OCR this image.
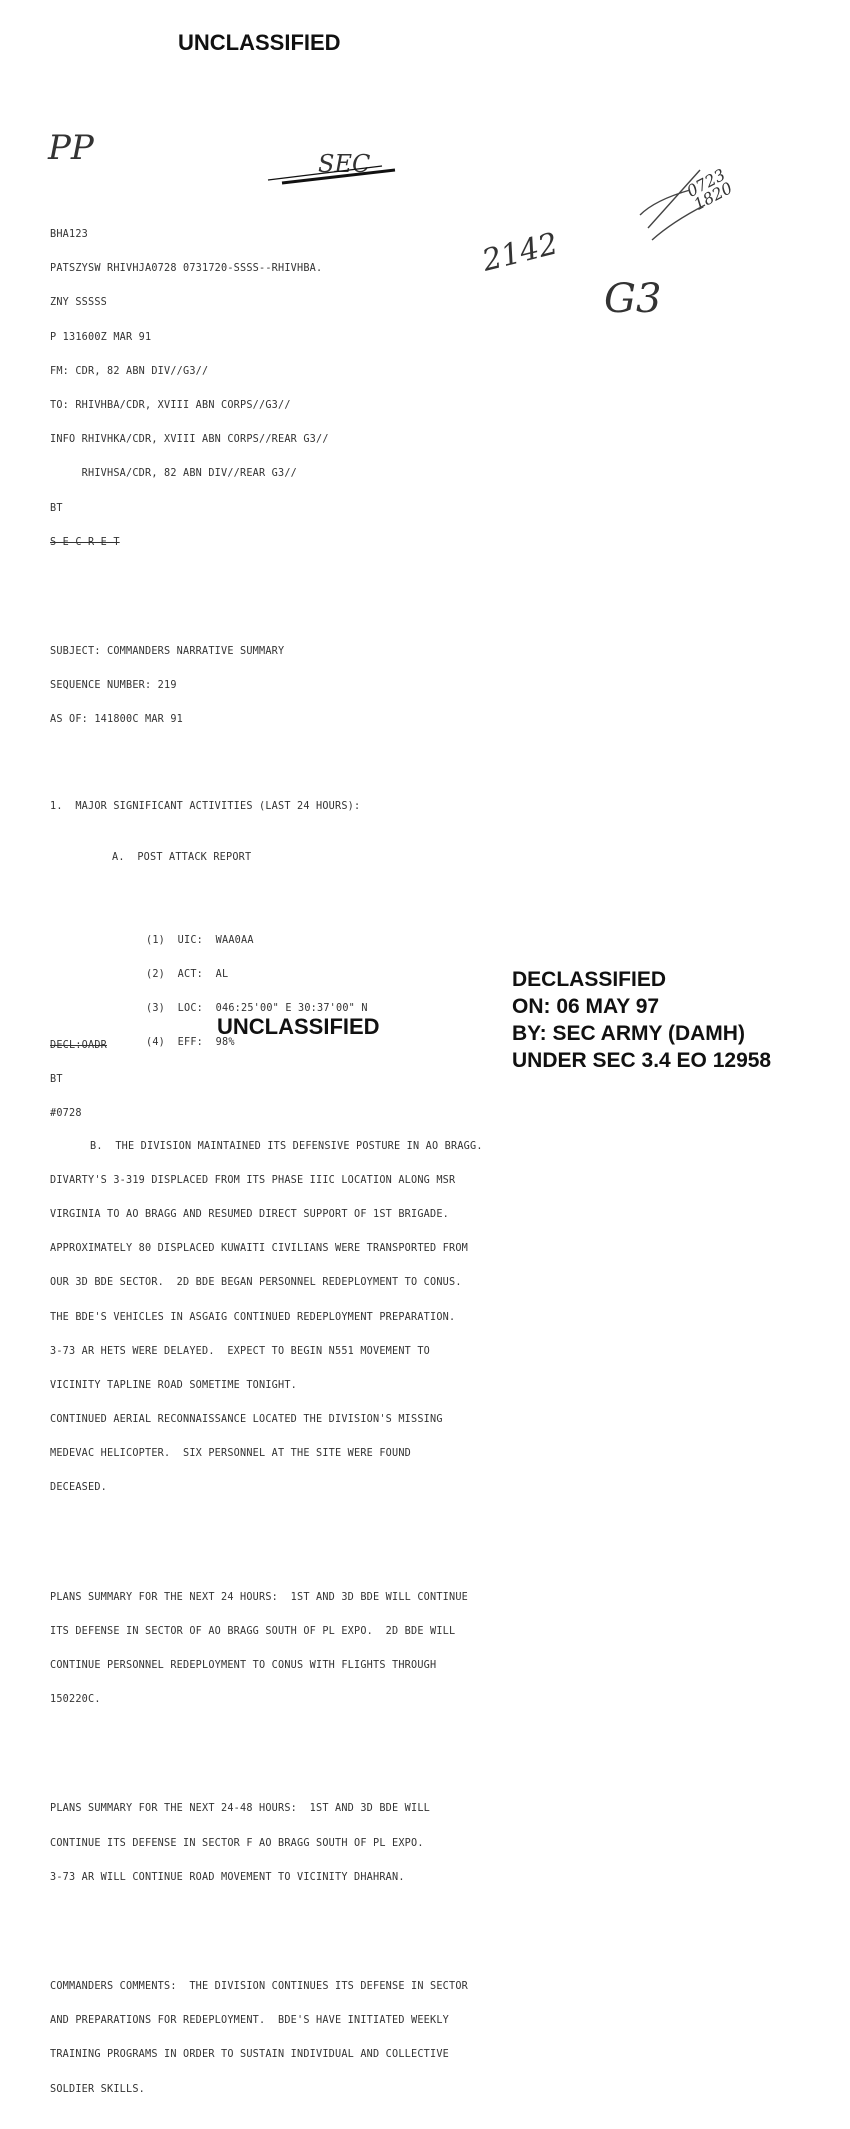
UNCLASSIFIED
UNCLASSIFIED
DECLASSIFIED
ON: 06 MAY 97
BY: SEC ARMY (DAMH)
UNDER SEC 3.4 EO 12958
PP	SEC
2142
G3
0723 1820

BHA123

PATSZYSW RHIVHJA0728 0731720-SSSS--RHIVHBA.

ZNY SSSSS

P 131600Z MAR 91

FM: CDR, 82 ABN DIV//G3//

TO: RHIVHBA/CDR, XVIII ABN CORPS//G3//

INFO RHIVHKA/CDR, XVIII ABN CORPS//REAR G3//

RHIVHSA/CDR, 82 ABN DIV//REAR G3//

BT

S E C R E T

SUBJECT: COMMANDERS NARRATIVE SUMMARY

SEQUENCE NUMBER: 219

AS OF: 141800C MAR 91

1.  MAJOR SIGNIFICANT ACTIVITIES (LAST 24 HOURS):

A.  POST ATTACK REPORT

(1)  UIC:  WAA0AA

(2)  ACT:  AL

(3)  LOC:  046:25'00" E 30:37'00" N

(4)  EFF:  98%

B.  THE DIVISION MAINTAINED ITS DEFENSIVE POSTURE IN AO BRAGG.

DIVARTY'S 3-319 DISPLACED FROM ITS PHASE IIIC LOCATION ALONG MSR

VIRGINIA TO AO BRAGG AND RESUMED DIRECT SUPPORT OF 1ST BRIGADE.

APPROXIMATELY 80 DISPLACED KUWAITI CIVILIANS WERE TRANSPORTED FROM

OUR 3D BDE SECTOR.  2D BDE BEGAN PERSONNEL REDEPLOYMENT TO CONUS.

THE BDE'S VEHICLES IN ASGAIG CONTINUED REDEPLOYMENT PREPARATION.

3-73 AR HETS WERE DELAYED.  EXPECT TO BEGIN N551 MOVEMENT TO

VICINITY TAPLINE ROAD SOMETIME TONIGHT.

CONTINUED AERIAL RECONNAISSANCE LOCATED THE DIVISION'S MISSING

MEDEVAC HELICOPTER.  SIX PERSONNEL AT THE SITE WERE FOUND

DECEASED.

PLANS SUMMARY FOR THE NEXT 24 HOURS:  1ST AND 3D BDE WILL CONTINUE

ITS DEFENSE IN SECTOR OF AO BRAGG SOUTH OF PL EXPO.  2D BDE WILL

CONTINUE PERSONNEL REDEPLOYMENT TO CONUS WITH FLIGHTS THROUGH

150220C.

PLANS SUMMARY FOR THE NEXT 24-48 HOURS:  1ST AND 3D BDE WILL

CONTINUE ITS DEFENSE IN SECTOR F AO BRAGG SOUTH OF PL EXPO.

3-73 AR WILL CONTINUE ROAD MOVEMENT TO VICINITY DHAHRAN.

COMMANDERS COMMENTS:  THE DIVISION CONTINUES ITS DEFENSE IN SECTOR

AND PREPARATIONS FOR REDEPLOYMENT.  BDE'S HAVE INITIATED WEEKLY

TRAINING PROGRAMS IN ORDER TO SUSTAIN INDIVIDUAL AND COLLECTIVE

SOLDIER SKILLS.

DECL:OADR

BT

#0728
